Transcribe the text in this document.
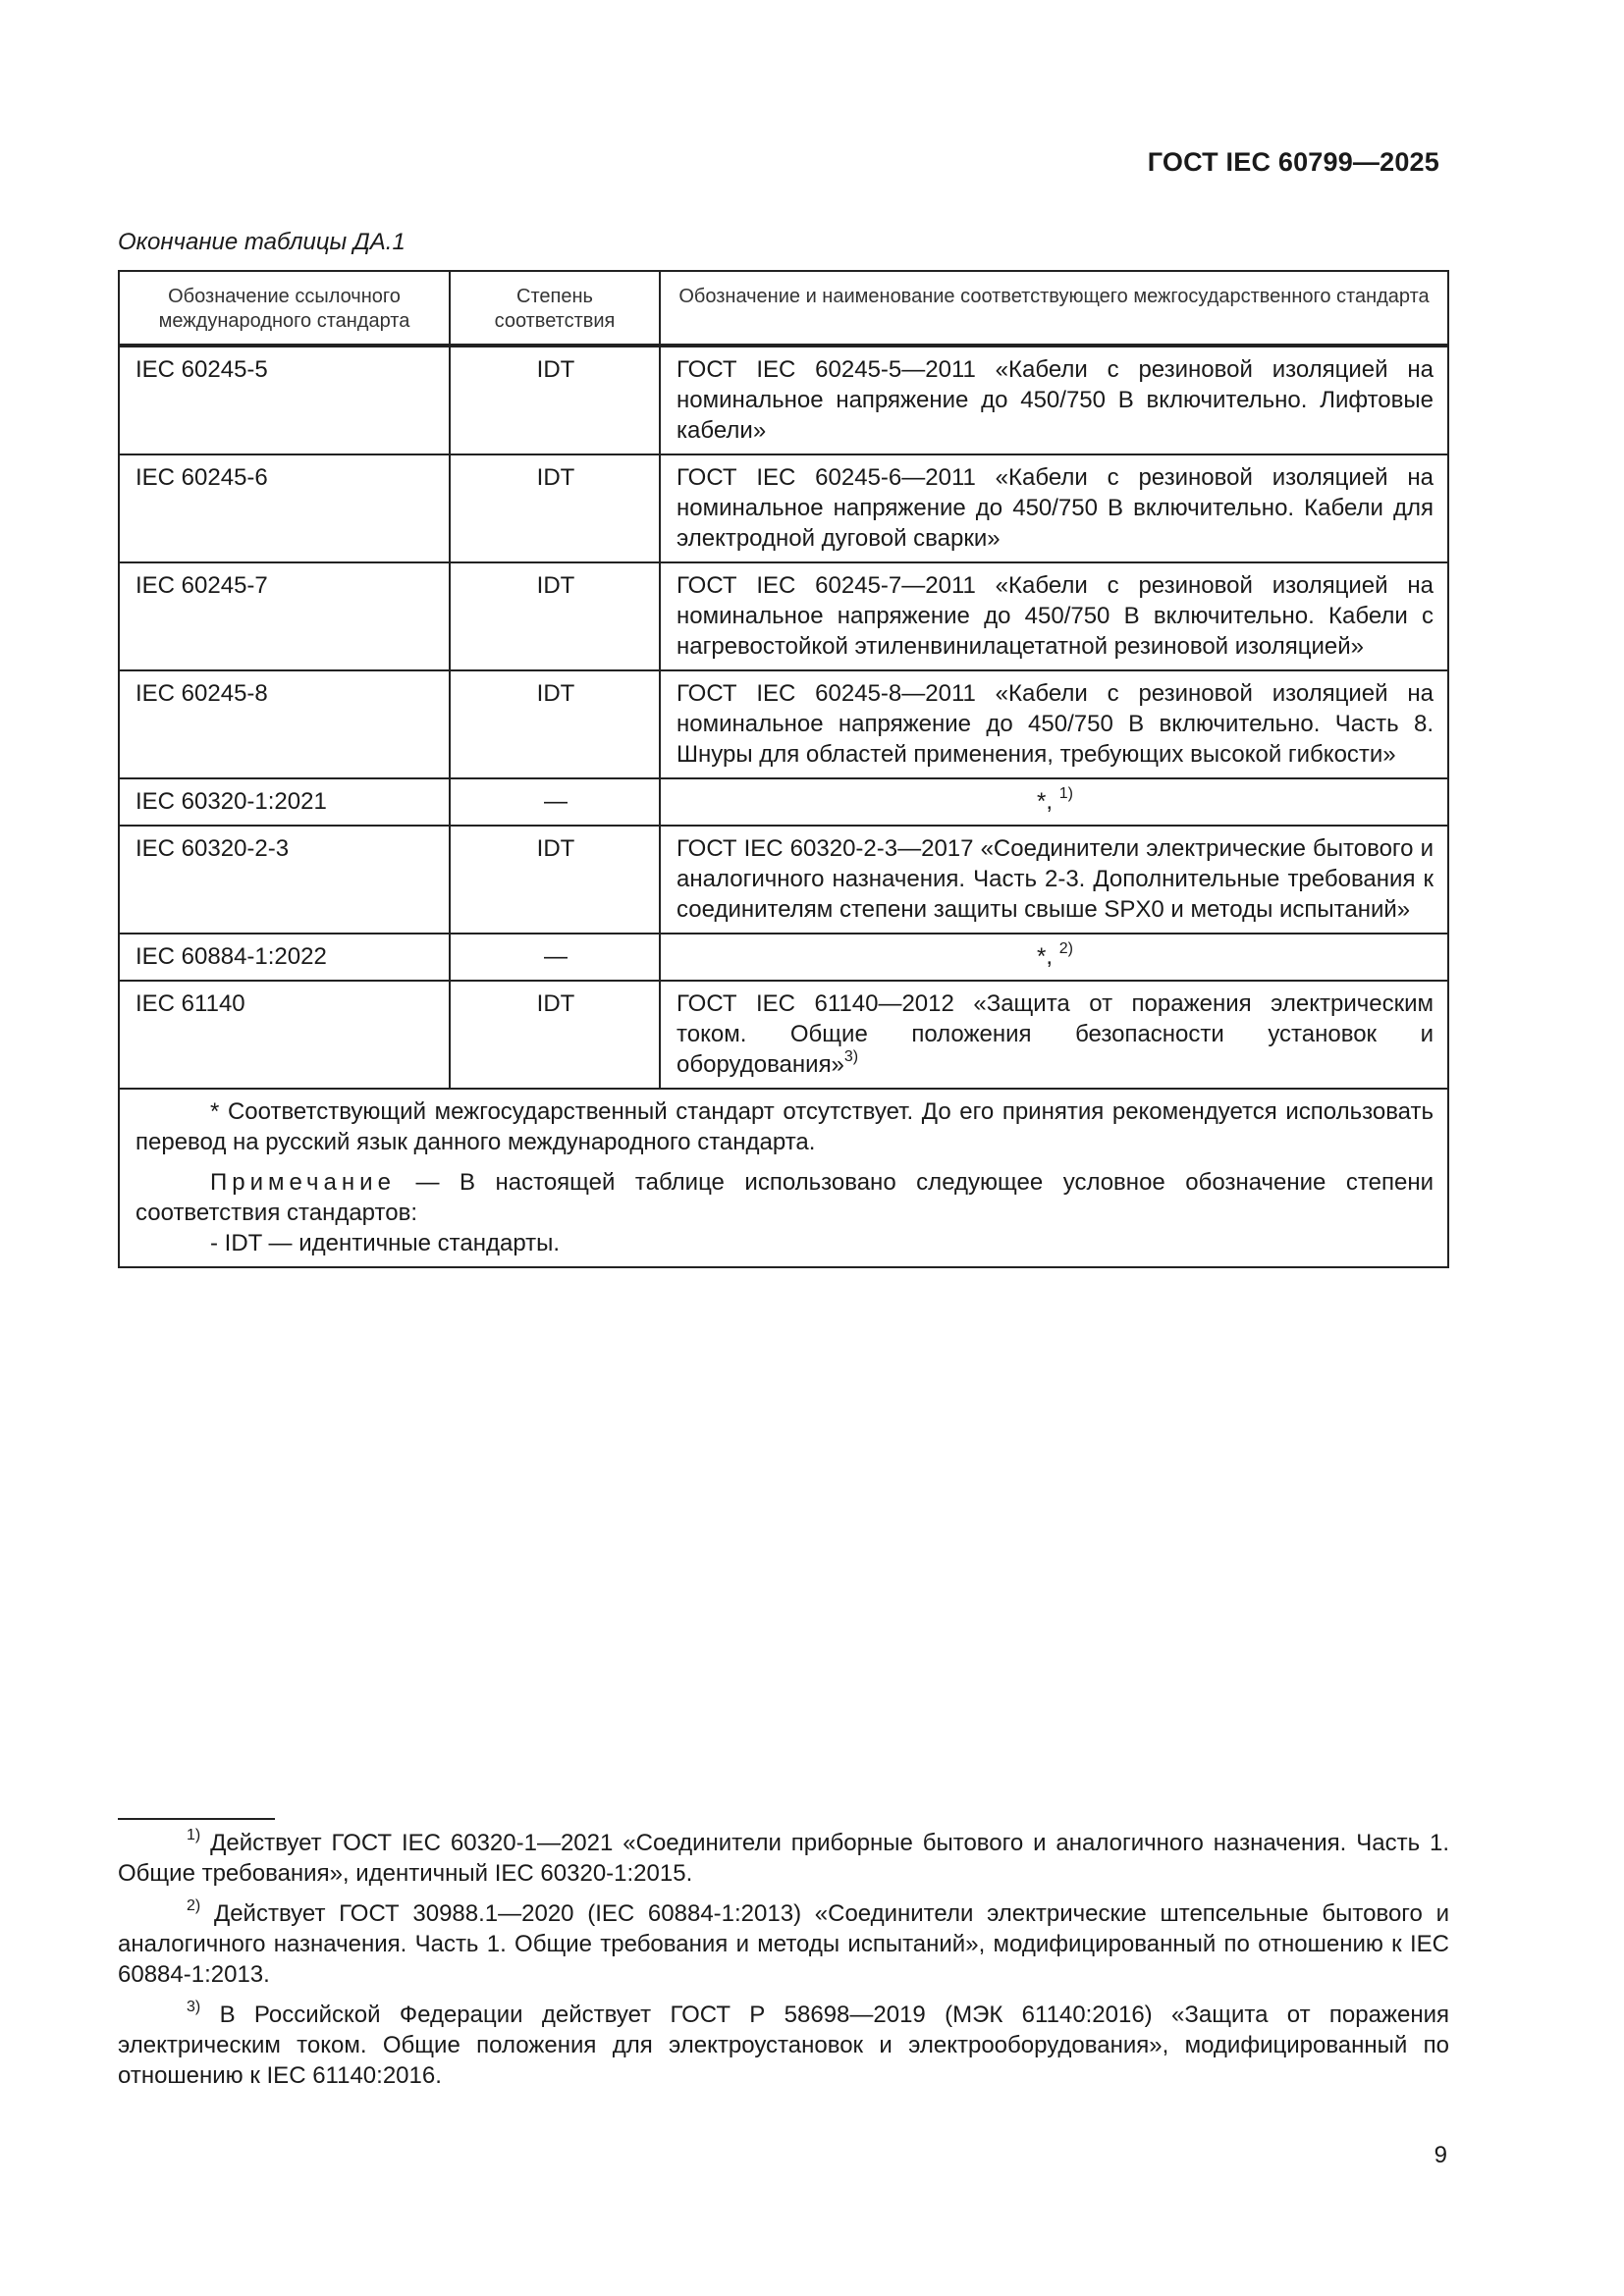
ГОСТ IEC 60799—2025
Окончание таблицы ДА.1
Обозначение ссылочного международного стандарта	Степень соответствия	Обозначение и наименование соответствующего межгосударственного стандарта
IEC 60245-5	IDT	ГОСТ IEC 60245-5—2011 «Кабели с резиновой изоляцией на номинальное напряжение до 450/750 В включительно. Лифтовые кабели»
IEC 60245-6	IDT	ГОСТ IEC 60245-6—2011 «Кабели с резиновой изоляцией на номинальное напряжение до 450/750 В включительно. Кабели для электродной дуговой сварки»
IEC 60245-7	IDT	ГОСТ IEC 60245-7—2011 «Кабели с резиновой изоляцией на номинальное напряжение до 450/750 В включительно. Кабели с нагревостойкой этиленвинилацетатной резиновой изоляцией»
IEC 60245-8	IDT	ГОСТ IEC 60245-8—2011 «Кабели с резиновой изоляцией на номинальное напряжение до 450/750 В включительно. Часть 8. Шнуры для областей применения, требующих высокой гибкости»
IEC 60320-1:2021	—	*, $^{1)}$
IEC 60320-2-3	IDT	ГОСТ IEC 60320-2-3—2017 «Соединители электрические бытового и аналогичного назначения. Часть 2-3. Дополнительные требования к соединителям степени защиты свыше SPX0 и методы испытаний»
IEC 60884-1:2022	—	*, $^{2)}$
IEC 61140	IDT	ГОСТ IEC 61140—2012 «Защита от поражения электрическим током. Общие положения безопасности установок и оборудования»$^{3)}$

* Соответствующий межгосударственный стандарт отсутствует. До его принятия рекомендуется использовать перевод на русский язык данного международного стандарта.

Примечание — В настоящей таблице использовано следующее условное обозначение степени соответствия стандартов:

- IDT — идентичные стандарты.		

$^{1)}$ Действует ГОСТ IEC 60320-1—2021 «Соединители приборные бытового и аналогичного назначения. Часть 1. Общие требования», идентичный IEC 60320-1:2015.

$^{2)}$ Действует ГОСТ 30988.1—2020 (IEC 60884-1:2013) «Соединители электрические штепсельные бытового и аналогичного назначения. Часть 1. Общие требования и методы испытаний», модифицированный по отношению к IEC 60884-1:2013.

$^{3)}$ В Российской Федерации действует ГОСТ Р 58698—2019 (МЭК 61140:2016) «Защита от поражения электрическим током. Общие положения для электроустановок и электрооборудования», модифицированный по отношению к IEC 61140:2016.

9
